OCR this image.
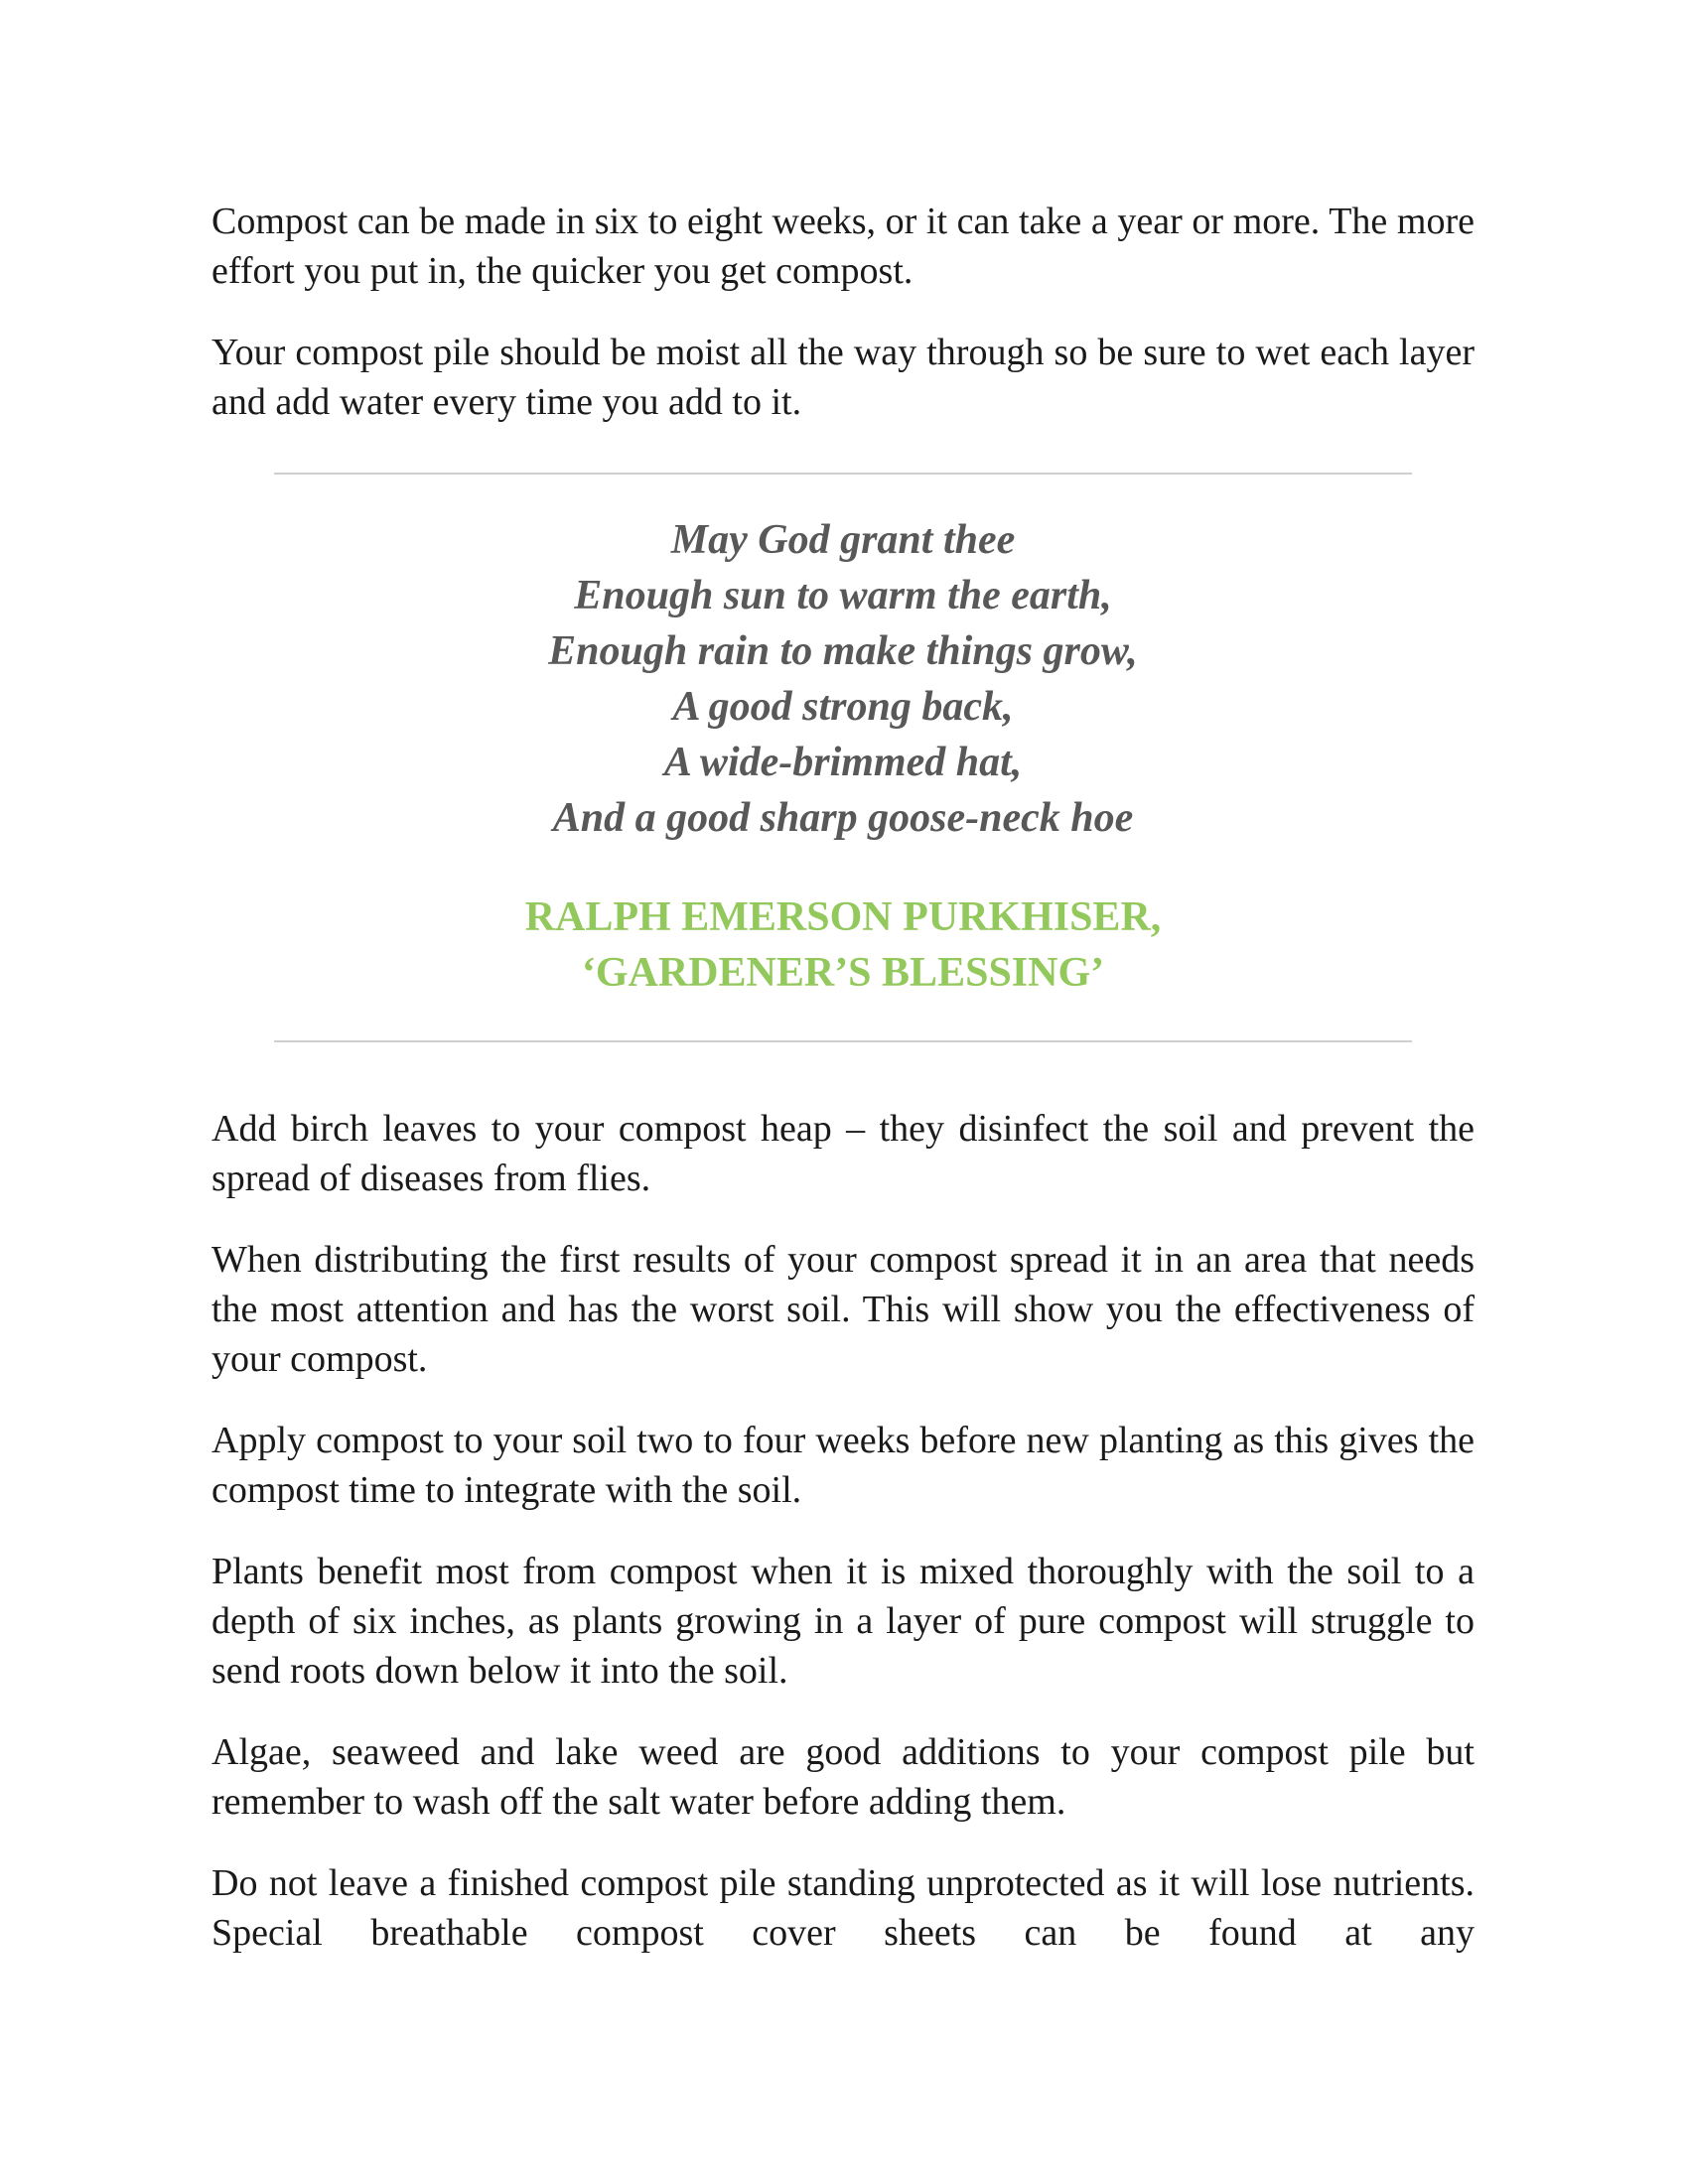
Compost can be made in six to eight weeks, or it can take a year or more. The more effort you put in, the quicker you get compost.

Your compost pile should be moist all the way through so be sure to wet each layer and add water every time you add to it.

May God grant thee

Enough sun to warm the earth,

Enough rain to make things grow,

A good strong back,

A wide-brimmed hat,

And a good sharp goose-neck hoe

RALPH EMERSON PURKHISER, ‘GARDENER’S BLESSING’

Add birch leaves to your compost heap – they disinfect the soil and prevent the spread of diseases from flies.

When distributing the first results of your compost spread it in an area that needs the most attention and has the worst soil. This will show you the effectiveness of your compost.

Apply compost to your soil two to four weeks before new planting as this gives the compost time to integrate with the soil.

Plants benefit most from compost when it is mixed thoroughly with the soil to a depth of six inches, as plants growing in a layer of pure compost will struggle to send roots down below it into the soil.

Algae, seaweed and lake weed are good additions to your compost pile but remember to wash off the salt water before adding them.

Do not leave a finished compost pile standing unprotected as it will lose nutrients. Special breathable compost cover sheets can be found at any
